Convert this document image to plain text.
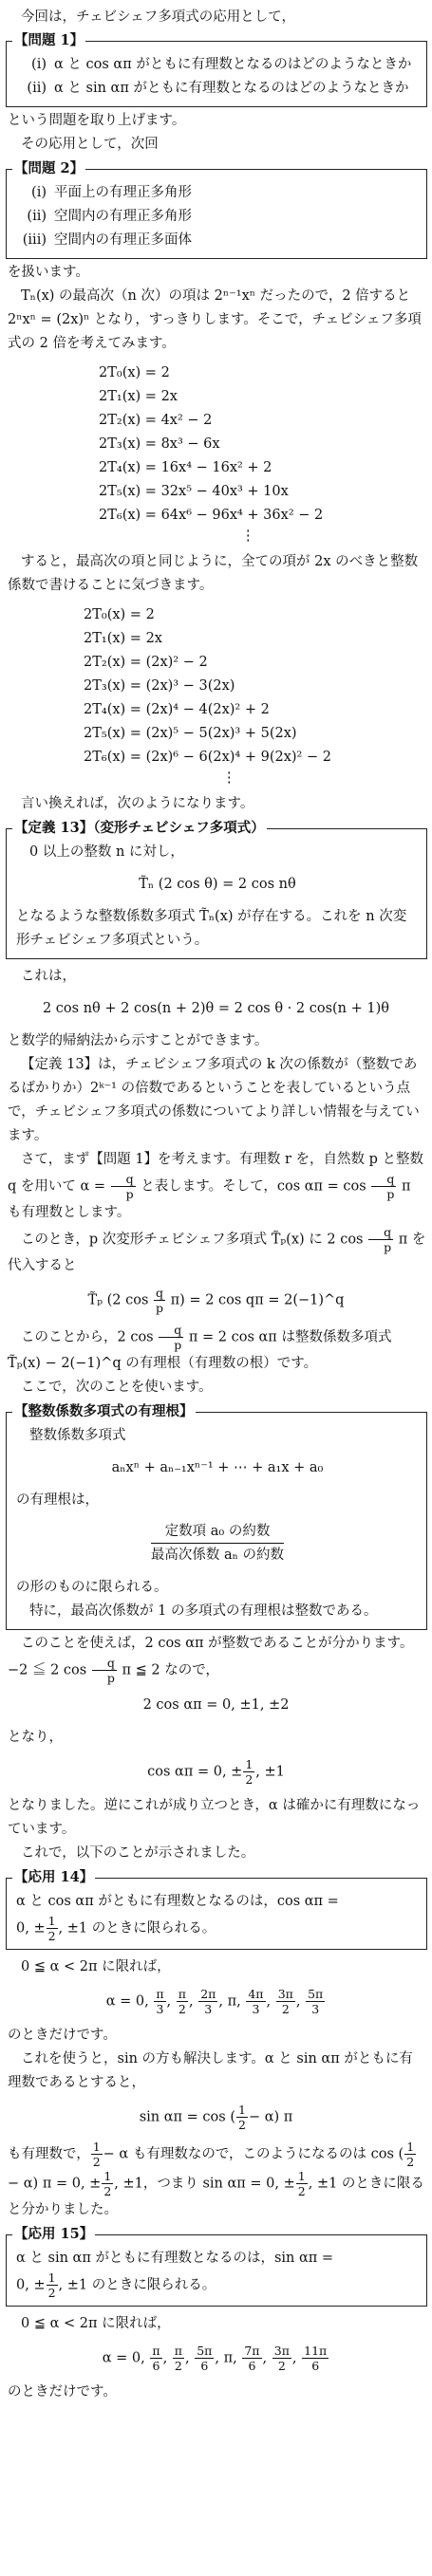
今回は，チェビシェフ多項式の応用として，

【問題 1】
(i) α と cos απ がともに有理数となるのはどのようなときか
(ii) α と sin απ がともに有理数となるのはどのようなときか

という問題を取り上げます。

その応用として，次回

【問題 2】
(i) 平面上の有理正多角形
(ii) 空間内の有理正多角形
(iii) 空間内の有理正多面体

を扱います。

Tₙ(x) の最高次（n 次）の項は 2ⁿ⁻¹xⁿ だったので，2 倍すると 2ⁿxⁿ = (2x)ⁿ となり，すっきりします。そこで，チェビシェフ多項式の 2 倍を考えてみます。

2T₀(x) = 2
2T₁(x) = 2x
2T₂(x) = 4x² − 2
2T₃(x) = 8x³ − 6x
2T₄(x) = 16x⁴ − 16x² + 2
2T₅(x) = 32x⁵ − 40x³ + 10x
2T₆(x) = 64x⁶ − 96x⁴ + 36x² − 2
⋮

すると，最高次の項と同じように，全ての項が 2x のべきと整数係数で書けることに気づきます。

2T₀(x) = 2
2T₁(x) = 2x
2T₂(x) = (2x)² − 2
2T₃(x) = (2x)³ − 3(2x)
2T₄(x) = (2x)⁴ − 4(2x)² + 2
2T₅(x) = (2x)⁵ − 5(2x)³ + 5(2x)
2T₆(x) = (2x)⁶ − 6(2x)⁴ + 9(2x)² − 2
⋮

言い換えれば，次のようになります。

【定義 13】（変形チェビシェフ多項式）

0 以上の整数 n に対し，

T̃ₙ (2 cos θ) = 2 cos nθ

となるような整数係数多項式 T̃ₙ(x) が存在する。これを n 次変形チェビシェフ多項式という。

これは，

2 cos nθ + 2 cos(n + 2)θ = 2 cos θ · 2 cos(n + 1)θ

と数学的帰納法から示すことができます。

【定義 13】は，チェビシェフ多項式の k 次の係数が（整数であるばかりか）2ᵏ⁻¹ の倍数であるということを表しているという点で，チェビシェフ多項式の係数についてより詳しい情報を与えています。

さて，まず【問題 1】を考えます。有理数 r を，自然数 p と整数 q を用いて $\alpha = \frac{q}{p}$ と表します。そして，$\cos \alpha\pi = \cos \frac{q}{p}$ π も有理数とします。

このとき，p 次変形チェビシェフ多項式 T̃ₚ(x) に 2 $\cos \frac{q}{p}$ π を代入すると

T̃ₚ (2 $\cos \frac{q}{p} \pi) = 2$ cos qπ = 2(−1)^q

このことから，2 $\cos \frac{q}{p}$ π = 2 cos απ は整数係数多項式 T̃ₚ(x) − 2(−1)^q の有理根（有理数の根）です。

ここで，次のことを使います。

【整数係数多項式の有理根】

整数係数多項式

aₙxⁿ + aₙ₋₁xⁿ⁻¹ + ⋯ + a₁x + a₀

の有理根は，

$\frac{\text{定数項 a₀ の約数}}{\text{最高次係数 aₙ の約数}}$

の形のものに限られる。

特に，最高次係数が 1 の多項式の有理根は整数である。

このことを使えば，2 cos απ が整数であることが分かります。−2 ≦ 2 $\cos \frac{q}{p}$ π ≦ 2 なので，

2 cos απ = 0, ±1, ±2

となり，

cos απ = 0, ± $\frac{1}{2}$ , ±1

となりました。逆にこれが成り立つとき，α は確かに有理数になっています。

これで，以下のことが示されました。

【応用 14】

α と cos απ がともに有理数となるのは，cos απ =
0, ± $\frac{1}{2}$ , ±1 のときに限られる。

0 ≦ α < 2π に限れば，

α = 0, $\frac{\pi}{3}$ , $\frac{\pi}{2}$ , $\frac{2\pi}{3}$ , π, $\frac{4\pi}{3}$ , $\frac{3\pi}{2}$ , $\frac{5\pi}{3}$

のときだけです。

これを使うと，sin の方も解決します。α と sin απ がともに有理数であるとすると，

sin απ = cos ( $\frac{1}{2} - \alpha$) π

も有理数で， $\frac{1}{2} - \alpha$ も有理数なので，このようになるのは cos ( $\frac{1}{2}$
− α) π = 0, ± $\frac{1}{2}$ , ±1，つまり sin απ = 0, ± $\frac{1}{2}$ , ±1 のときに限ると分かりました。

【応用 15】

α と sin απ がともに有理数となるのは，sin απ =
0, ± $\frac{1}{2}$ , ±1 のときに限られる。

0 ≦ α < 2π に限れば，

α = 0, $\frac{\pi}{6}$ , $\frac{\pi}{2}$ , $\frac{5\pi}{6}$ , π, $\frac{7\pi}{6}$ , $\frac{3\pi}{2}$ , $\frac{11\pi}{6}$

のときだけです。
